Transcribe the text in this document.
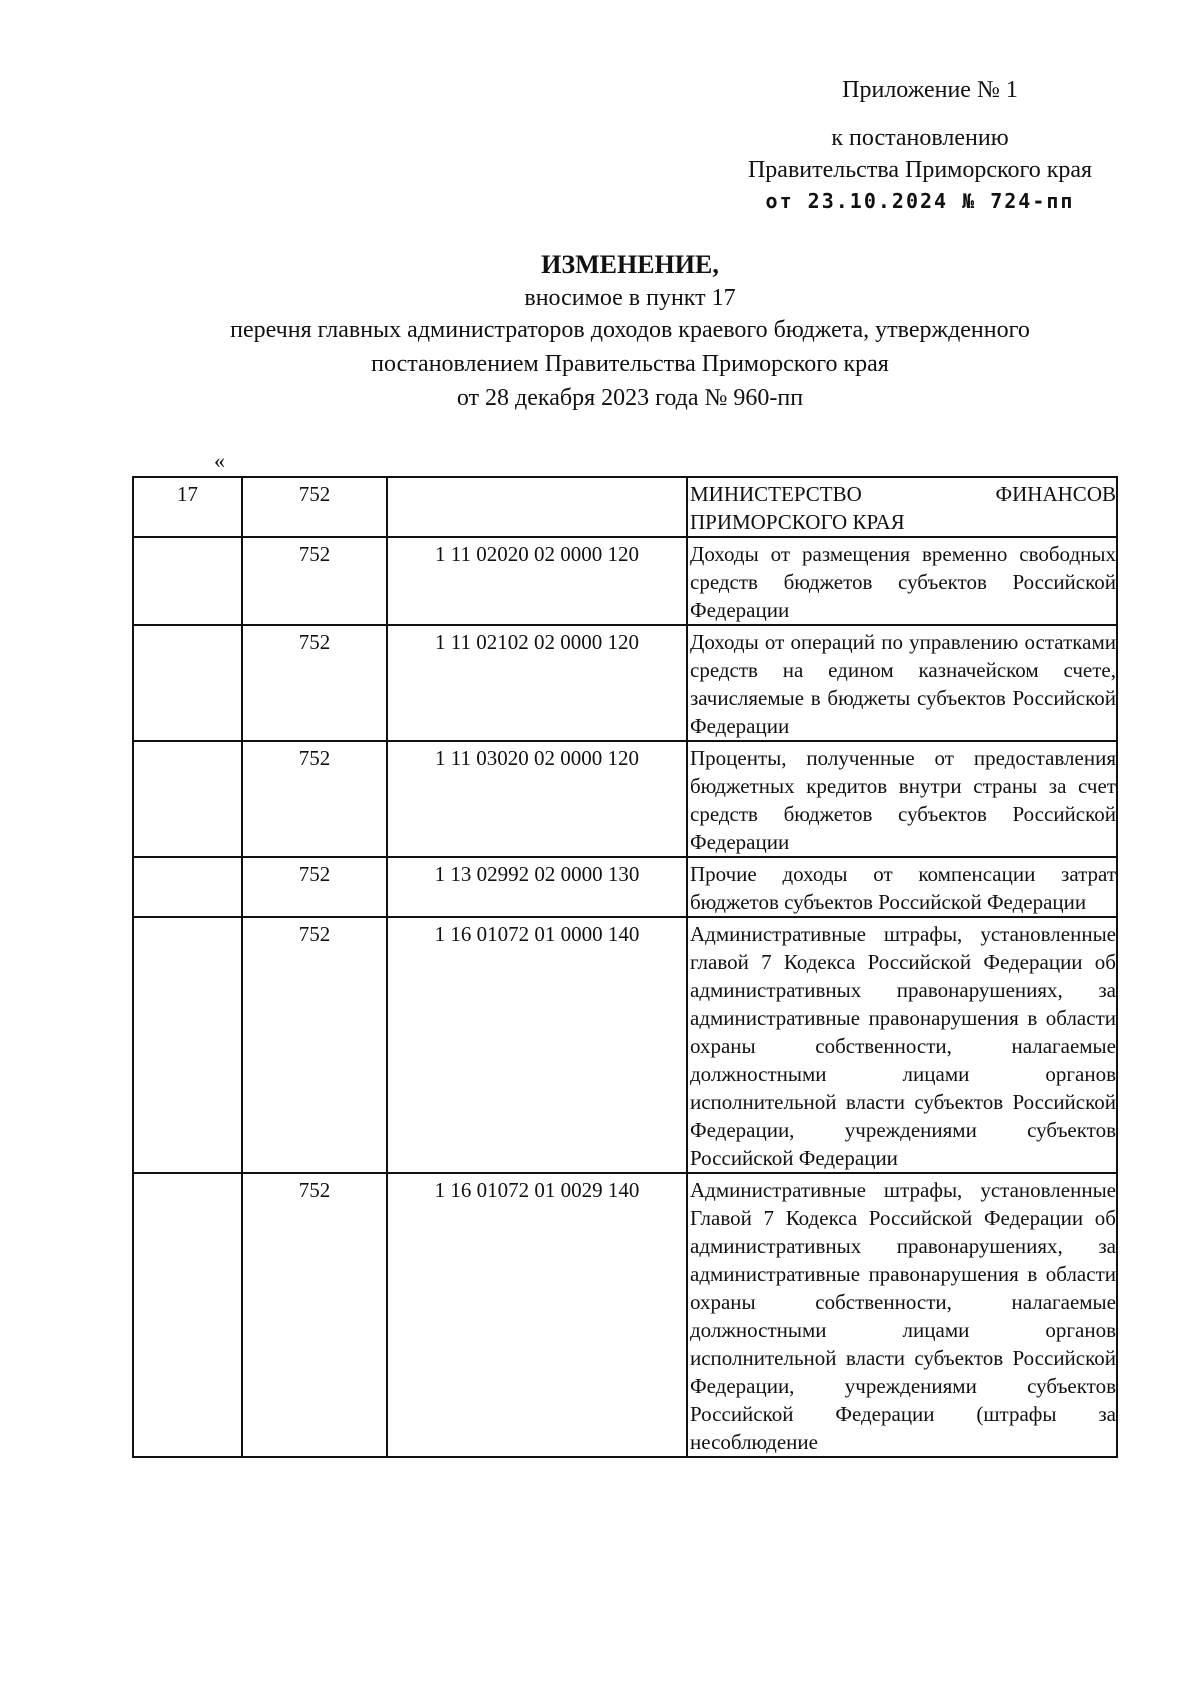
Приложение № 1
к постановлению
Правительства Приморского края
от 23.10.2024 № 724-пп
ИЗМЕНЕНИЕ,
вносимое в пункт 17
перечня главных администраторов доходов краевого бюджета, утвержденного
постановлением Правительства Приморского края
от 28 декабря 2023 года № 960-пп
«
17	752		МИНИСТЕРСТВО ФИНАНСОВ ПРИМОРСКОГО КРАЯ
	752	1 11 02020 02 0000 120	Доходы от размещения временно свободных средств бюджетов субъектов Российской Федерации
	752	1 11 02102 02 0000 120	Доходы от операций по управлению остатками средств на едином казначейском счете, зачисляемые в бюджеты субъектов Российской Федерации
	752	1 11 03020 02 0000 120	Проценты, полученные от предоставления бюджетных кредитов внутри страны за счет средств бюджетов субъектов Российской Федерации
	752	1 13 02992 02 0000 130	Прочие доходы от компенсации затрат бюджетов субъектов Российской Федерации
	752	1 16 01072 01 0000 140	Административные штрафы, установленные главой 7 Кодекса Российской Федерации об административных правонарушениях, за административные правонарушения в области охраны собственности, налагаемые должностными лицами органов исполнительной власти субъектов Российской Федерации, учреждениями субъектов Российской Федерации
	752	1 16 01072 01 0029 140	Административные штрафы, установленные Главой 7 Кодекса Российской Федерации об административных правонарушениях, за административные правонарушения в области охраны собственности, налагаемые должностными лицами органов исполнительной власти субъектов Российской Федерации, учреждениями субъектов Российской Федерации (штрафы за несоблюдение
